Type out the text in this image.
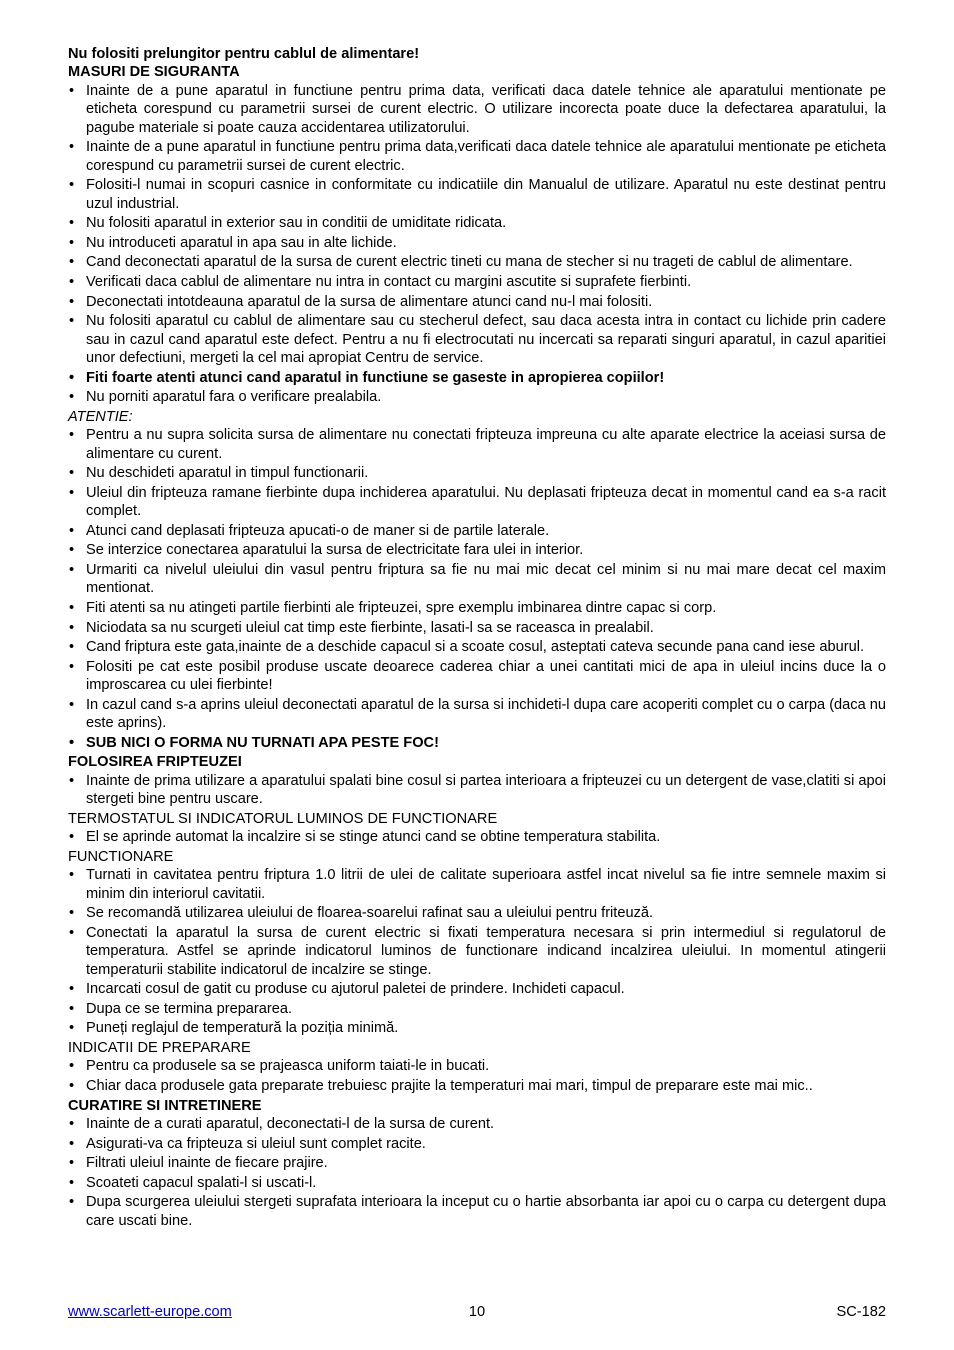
Nu folositi prelungitor pentru cablul de alimentare!

MASURI DE SIGURANTA

• Inainte de a pune aparatul in functiune pentru prima data, verificati daca datele tehnice ale aparatului mentionate pe eticheta corespund cu parametrii sursei de curent electric. O utilizare incorecta poate duce la defectarea aparatului, la pagube materiale si poate cauza accidentarea utilizatorului.
• Inainte de a pune aparatul in functiune pentru prima data,verificati daca datele tehnice ale aparatului mentionate pe eticheta corespund cu parametrii sursei de curent electric.
• Folositi-l numai in scopuri casnice in conformitate cu indicatiile din Manualul de utilizare. Aparatul nu este destinat pentru uzul industrial.
• Nu folositi aparatul in exterior sau in conditii de umiditate ridicata.
• Nu introduceti aparatul in apa sau in alte lichide.
• Cand deconectati aparatul de la sursa de curent electric tineti cu mana de stecher si nu trageti de cablul de alimentare.
• Verificati daca cablul de alimentare nu intra in contact cu margini ascutite si suprafete fierbinti.
• Deconectati intotdeauna aparatul de la sursa de alimentare atunci cand nu-l mai folositi.
• Nu folositi aparatul cu cablul de alimentare sau cu stecherul defect, sau daca acesta intra in contact cu lichide prin cadere sau in cazul cand aparatul este defect. Pentru a nu fi electrocutati nu incercati sa reparati singuri aparatul, in cazul aparitiei unor defectiuni, mergeti la cel mai apropiat Centru de service.
• Fiti foarte atenti atunci cand aparatul in functiune se gaseste in apropierea copiilor!
• Nu porniti aparatul fara o verificare prealabila.

ATENTIE:

• Pentru a nu supra solicita sursa de alimentare nu conectati fripteuza impreuna cu alte aparate electrice la aceiasi sursa de alimentare cu curent.
• Nu deschideti aparatul in timpul functionarii.
• Uleiul din fripteuza ramane fierbinte dupa inchiderea aparatului. Nu deplasati fripteuza decat in momentul cand ea s-a racit complet.
• Atunci cand deplasati fripteuza apucati-o de maner si de partile laterale.
• Se interzice conectarea aparatului la sursa de electricitate fara ulei in interior.
• Urmariti ca nivelul uleiului din vasul pentru friptura sa fie nu mai mic decat cel minim si nu mai mare decat cel maxim mentionat.
• Fiti atenti sa nu atingeti partile fierbinti ale fripteuzei, spre exemplu imbinarea dintre capac si corp.
• Niciodata sa nu scurgeti uleiul cat timp este fierbinte, lasati-l sa se raceasca in prealabil.
• Cand friptura este gata,inainte de a deschide capacul si a scoate cosul, asteptati cateva secunde pana cand iese aburul.
• Folositi pe cat este posibil produse uscate deoarece caderea chiar a unei cantitati mici de apa in uleiul incins duce la o improscarea cu ulei fierbinte!
• In cazul cand s-a aprins uleiul deconectati aparatul de la sursa si inchideti-l dupa care acoperiti complet cu o carpa (daca nu este aprins).
• SUB NICI O FORMA NU TURNATI APA PESTE FOC!

FOLOSIREA FRIPTEUZEI

• Inainte de prima utilizare a aparatului spalati bine cosul si partea interioara a fripteuzei cu un detergent de vase,clatiti si apoi stergeti bine pentru uscare.

TERMOSTATUL SI INDICATORUL LUMINOS DE FUNCTIONARE

• El se aprinde automat la incalzire si se stinge atunci cand se obtine temperatura stabilita.

FUNCTIONARE

• Turnati in cavitatea pentru friptura 1.0 litrii de ulei de calitate superioara astfel incat nivelul sa fie intre semnele maxim si minim din interiorul cavitatii.
• Se recomandă utilizarea uleiului de floarea-soarelui rafinat sau a uleiului pentru friteuză.
• Conectati la aparatul la sursa de curent electric si fixati temperatura necesara si prin intermediul si regulatorul de temperatura. Astfel se aprinde indicatorul luminos de functionare indicand incalzirea uleiului. In momentul atingerii temperaturii stabilite indicatorul de incalzire se stinge.
• Incarcati cosul de gatit cu produse cu ajutorul paletei de prindere. Inchideti capacul.
• Dupa ce se termina prepararea.
• Puneți reglajul de temperatură la poziția minimă.

INDICATII DE PREPARARE

• Pentru ca produsele sa se prajeasca uniform taiati-le in bucati.
• Chiar daca produsele gata preparate trebuiesc prajite la temperaturi mai mari, timpul de preparare este mai mic..

CURATIRE SI INTRETINERE

• Inainte de a curati aparatul, deconectati-l de la sursa de curent.
• Asigurati-va ca fripteuza si uleiul sunt complet racite.
• Filtrati uleiul inainte de fiecare prajire.
• Scoateti capacul spalati-l si uscati-l.
• Dupa scurgerea uleiului stergeti suprafata interioara la inceput cu o hartie absorbanta iar apoi cu o carpa cu detergent dupa care uscati bine.
10
www.scarlett-europe.com	SC-182
